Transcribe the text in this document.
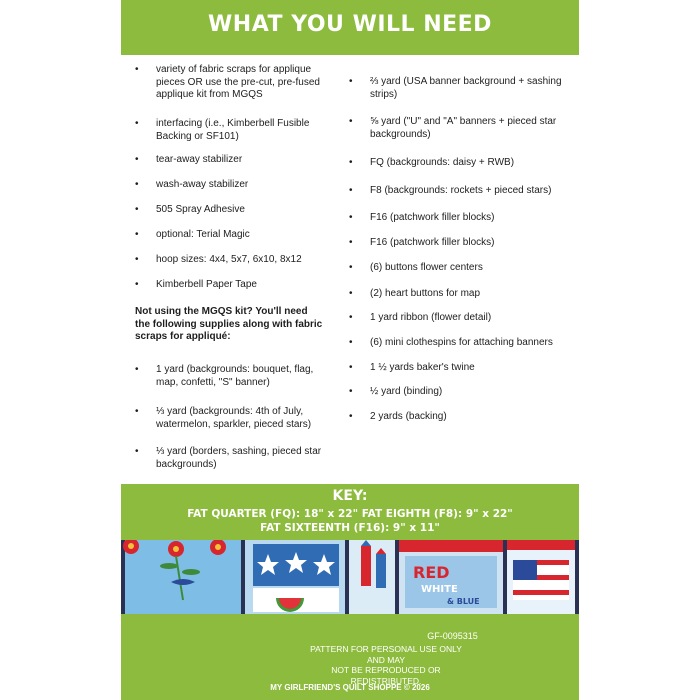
WHAT YOU WILL NEED
•	variety of fabric scraps for applique pieces OR use the pre-cut, pre-fused applique kit from MGQS
•	interfacing (i.e., Kimberbell Fusible Backing or SF101)
•	tear-away stabilizer
•	wash-away stabilizer
•	505 Spray Adhesive
•	optional: Terial Magic
•	hoop sizes: 4x4, 5x7, 6x10, 8x12
•	Kimberbell Paper Tape
•	1 yard (backgrounds: bouquet, flag, map, confetti, "S" banner)
•	⅓ yard (backgrounds: 4th of July, watermelon, sparkler, pieced stars)
•	⅓ yard (borders, sashing, pieced star backgrounds)
Not using the MGQS kit? You'll need the following supplies along with fabric scraps for appliqué:
•	⅔ yard (USA banner background + sashing strips)
•	⅝ yard ("U" and "A" banners + pieced star backgrounds)
•	FQ (backgrounds: daisy + RWB)
•	F8 (backgrounds: rockets + pieced stars)
•	F16 (patchwork filler blocks)
•	F16 (patchwork filler blocks)
•	(6) buttons flower centers
•	(2) heart buttons for map
•	1 yard ribbon (flower detail)
•	(6) mini clothespins for attaching banners
•	1 ½ yards baker's twine
•	½ yard (binding)
•	2 yards (backing)
KEY:
FAT QUARTER (FQ): 18" x 22" FAT EIGHTH (F8): 9" x 22"
FAT SIXTEENTH (F16): 9" x 11"
RED
WHITE
& BLUE
GF-0095315
PATTERN FOR PERSONAL USE ONLY AND MAY
NOT BE REPRODUCED OR REDISTRIBUTED.
MY GIRLFRIEND'S QUILT SHOPPE © 2026
